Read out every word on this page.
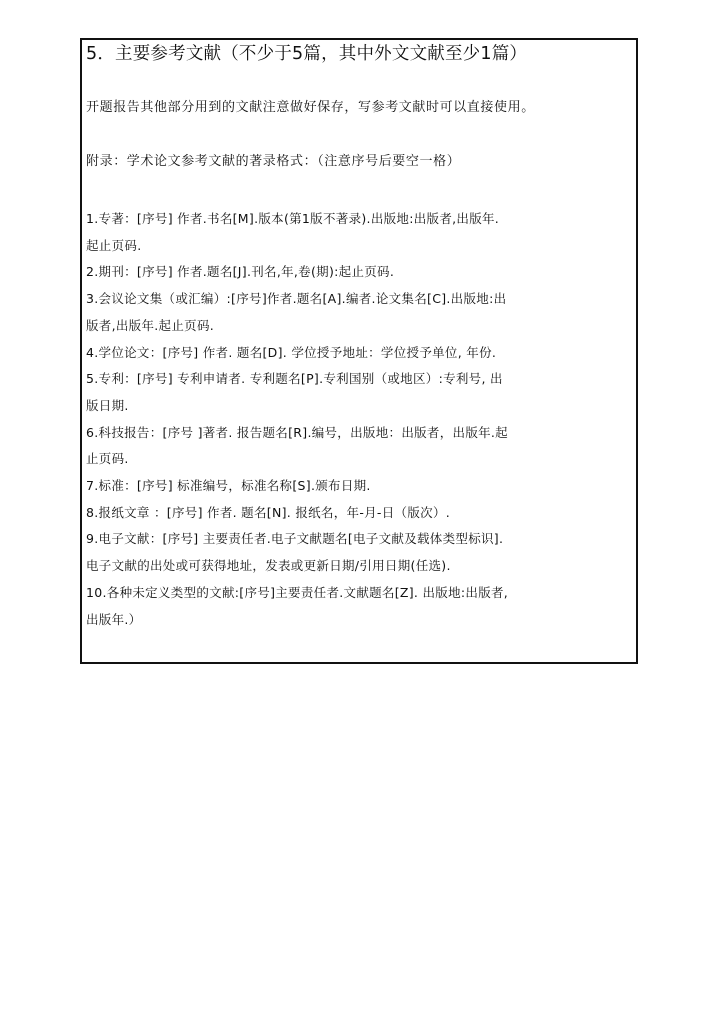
5．主要参考文献（不少于5篇，其中外文文献至少1篇）
开题报告其他部分用到的文献注意做好保存，写参考文献时可以直接使用。
附录：学术论文参考文献的著录格式：（注意序号后要空一格）
1.专著：[序号] 作者.书名[M].版本(第1版不著录).出版地:出版者,出版年.
起止页码.
2.期刊：[序号] 作者.题名[J].刊名,年,卷(期):起止页码.
3.会议论文集（或汇编）:[序号]作者.题名[A].编者.论文集名[C].出版地:出
版者,出版年.起止页码.
4.学位论文：[序号] 作者. 题名[D]. 学位授予地址：学位授予单位, 年份.
5.专利：[序号] 专利申请者. 专利题名[P].专利国别（或地区）:专利号, 出
版日期.
6.科技报告：[序号 ]著者. 报告题名[R].编号，出版地：出版者，出版年.起
止页码.
7.标准：[序号] 标准编号，标准名称[S].颁布日期.
8.报纸文章 ：[序号] 作者. 题名[N]. 报纸名，年-月-日（版次）.
9.电子文献：[序号] 主要责任者.电子文献题名[电子文献及载体类型标识].
电子文献的出处或可获得地址，发表或更新日期/引用日期(任选).
10.各种未定义类型的文献:[序号]主要责任者.文献题名[Z]. 出版地:出版者,
出版年.）
